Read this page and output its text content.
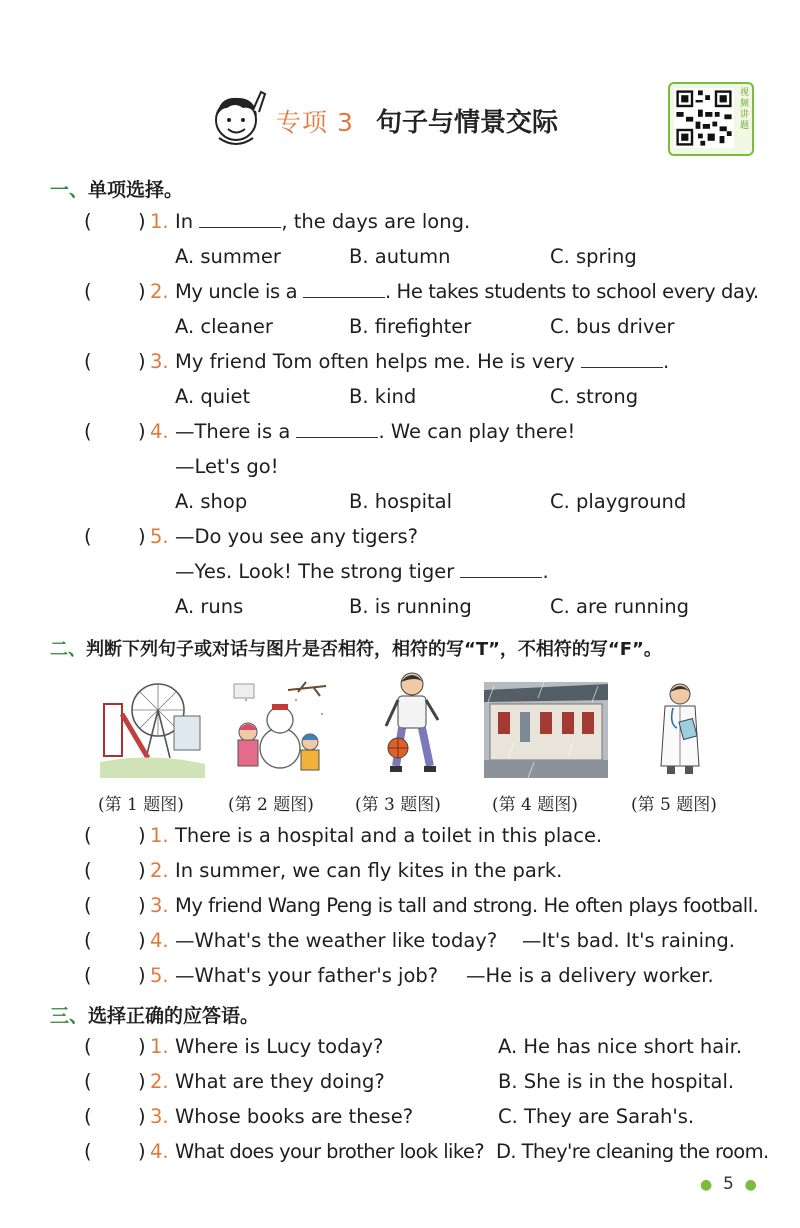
专项 3 句子与情景交际
视
频
讲
题
一、单项选择。
( ) 1. In	, the days are long.
A. summer	B. autumn	C. spring
( ) 2. My uncle is a	. He takes students to school every day.
A. cleaner	B. firefighter	C. bus driver
( ) 3. My friend Tom often helps me. He is very	.
A. quiet	B. kind	C. strong
( ) 4. —There is a	. We can play there!
—Let's go!
A. shop	B. hospital	C. playground
( ) 5. —Do you see any tigers?
—Yes. Look! The strong tiger	.
A. runs	B. is running	C. are running
二、判断下列句子或对话与图片是否相符，相符的写“T”，不相符的写“F”。
(第 1 题图)	(第 2 题图) (第 3 题图)	(第 4 题图)	(第 5 题图)
( ) 1. There is a hospital and a toilet in this place.
( ) 2. In summer, we can fly kites in the park.
( ) 3. My friend Wang Peng is tall and strong. He often plays football.
( ) 4. —What's the weather like today? —It's bad. It's raining.
( ) 5. —What's your father's job? —He is a delivery worker.
三、选择正确的应答语。
( ) 1. Where is Lucy today?	A. He has nice short hair.
( ) 2. What are they doing?	B. She is in the hospital.
( ) 3. Whose books are these?	C. They are Sarah's.
( ) 4. What does your brother look like? D. They're cleaning the room.
● 5 ●
